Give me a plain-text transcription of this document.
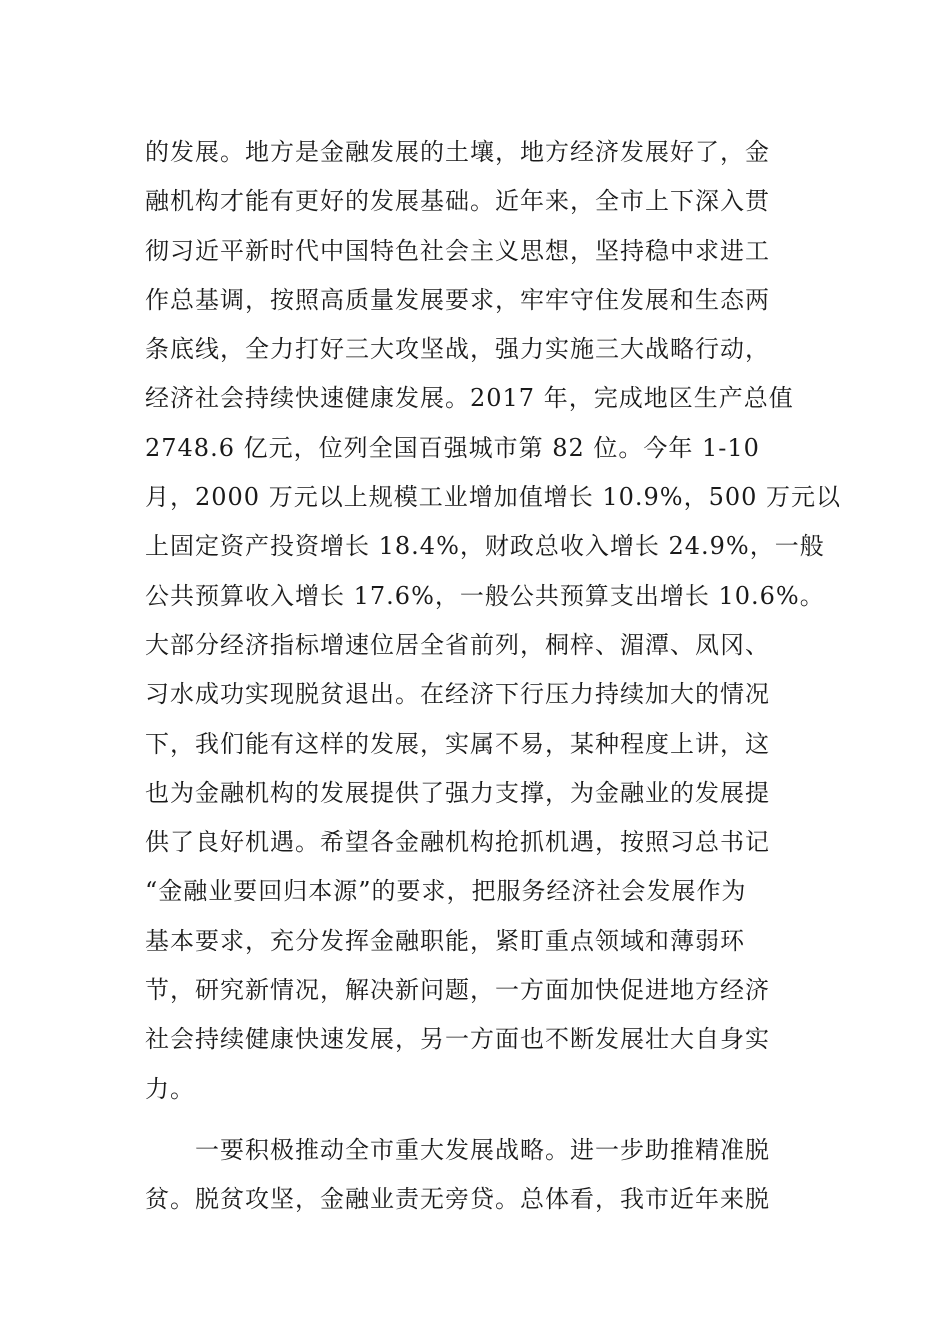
的发展。地方是金融发展的土壤，地方经济发展好了，金
融机构才能有更好的发展基础。近年来，全市上下深入贯
彻习近平新时代中国特色社会主义思想，坚持稳中求进工
作总基调，按照高质量发展要求，牢牢守住发展和生态两
条底线，全力打好三大攻坚战，强力实施三大战略行动，
经济社会持续快速健康发展。2017 年，完成地区生产总值
2748.6 亿元，位列全国百强城市第 82 位。今年 1-10
月，2000 万元以上规模工业增加值增长 10.9%，500 万元以
上固定资产投资增长 18.4%，财政总收入增长 24.9%，一般
公共预算收入增长 17.6%，一般公共预算支出增长 10.6%。
大部分经济指标增速位居全省前列，桐梓、湄潭、凤冈、
习水成功实现脱贫退出。在经济下行压力持续加大的情况
下，我们能有这样的发展，实属不易，某种程度上讲，这
也为金融机构的发展提供了强力支撑，为金融业的发展提
供了良好机遇。希望各金融机构抢抓机遇，按照习总书记
“金融业要回归本源”的要求，把服务经济社会发展作为
基本要求，充分发挥金融职能，紧盯重点领域和薄弱环
节，研究新情况，解决新问题，一方面加快促进地方经济
社会持续健康快速发展，另一方面也不断发展壮大自身实
力。
　　一要积极推动全市重大发展战略。进一步助推精准脱
贫。脱贫攻坚，金融业责无旁贷。总体看，我市近年来脱
